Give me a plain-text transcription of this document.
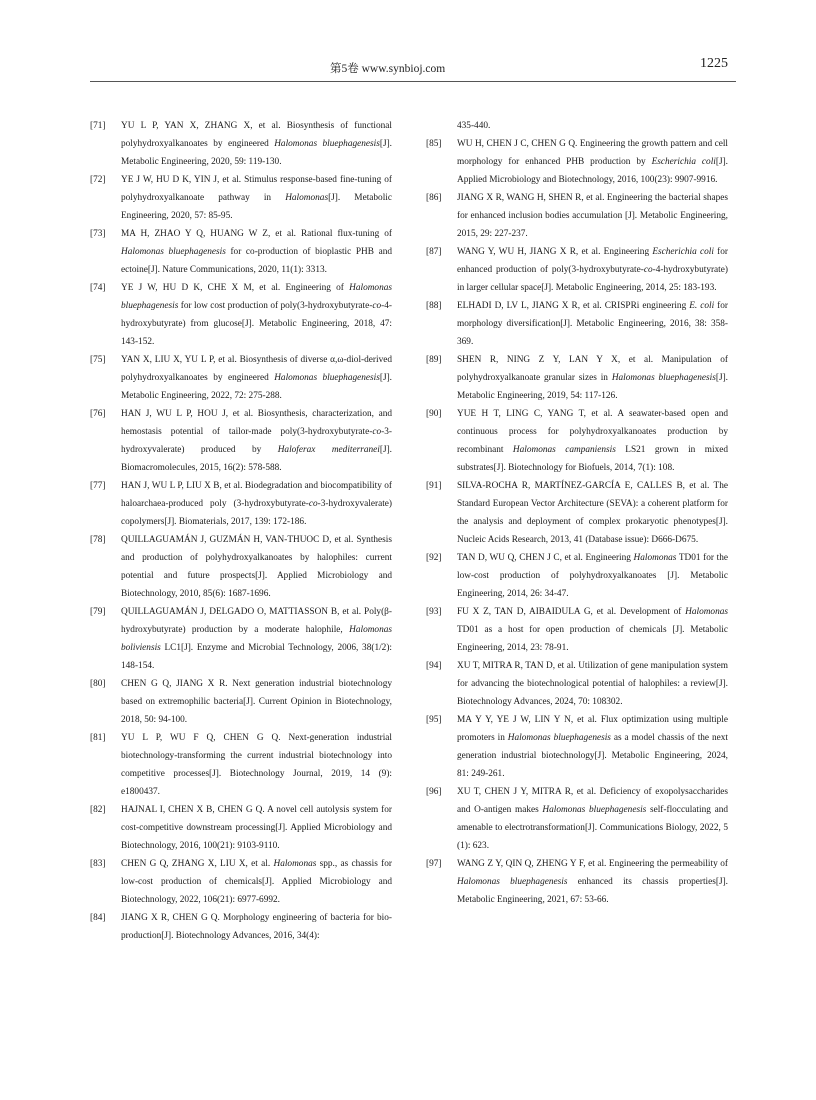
第5卷 www.synbioj.com	1225
[71] YU L P, YAN X, ZHANG X, et al. Biosynthesis of functional polyhydroxyalkanoates by engineered Halomonas bluephagenesis[J]. Metabolic Engineering, 2020, 59: 119-130.
[72] YE J W, HU D K, YIN J, et al. Stimulus response-based fine-tuning of polyhydroxyalkanoate pathway in Halomonas[J]. Metabolic Engineering, 2020, 57: 85-95.
[73] MA H, ZHAO Y Q, HUANG W Z, et al. Rational flux-tuning of Halomonas bluephagenesis for co-production of bioplastic PHB and ectoine[J]. Nature Communications, 2020, 11(1): 3313.
[74] YE J W, HU D K, CHE X M, et al. Engineering of Halomonas bluephagenesis for low cost production of poly(3-hydroxybutyrate-co-4-hydroxybutyrate) from glucose[J]. Metabolic Engineering, 2018, 47: 143-152.
[75] YAN X, LIU X, YU L P, et al. Biosynthesis of diverse α,ω-diol-derived polyhydroxyalkanoates by engineered Halomonas bluephagenesis[J]. Metabolic Engineering, 2022, 72: 275-288.
[76] HAN J, WU L P, HOU J, et al. Biosynthesis, characterization, and hemostasis potential of tailor-made poly(3-hydroxybutyrate-co-3-hydroxyvalerate) produced by Haloferax mediterranei[J]. Biomacromolecules, 2015, 16(2): 578-588.
[77] HAN J, WU L P, LIU X B, et al. Biodegradation and biocompatibility of haloarchaea-produced poly (3-hydroxybutyrate-co-3-hydroxyvalerate) copolymers[J]. Biomaterials, 2017, 139: 172-186.
[78] QUILLAGUAMÁN J, GUZMÁN H, VAN-THUOC D, et al. Synthesis and production of polyhydroxyalkanoates by halophiles: current potential and future prospects[J]. Applied Microbiology and Biotechnology, 2010, 85(6): 1687-1696.
[79] QUILLAGUAMÁN J, DELGADO O, MATTIASSON B, et al. Poly(β-hydroxybutyrate) production by a moderate halophile, Halomonas boliviensis LC1[J]. Enzyme and Microbial Technology, 2006, 38(1/2): 148-154.
[80] CHEN G Q, JIANG X R. Next generation industrial biotechnology based on extremophilic bacteria[J]. Current Opinion in Biotechnology, 2018, 50: 94-100.
[81] YU L P, WU F Q, CHEN G Q. Next-generation industrial biotechnology-transforming the current industrial biotechnology into competitive processes[J]. Biotechnology Journal, 2019, 14 (9): e1800437.
[82] HAJNAL I, CHEN X B, CHEN G Q. A novel cell autolysis system for cost-competitive downstream processing[J]. Applied Microbiology and Biotechnology, 2016, 100(21): 9103-9110.
[83] CHEN G Q, ZHANG X, LIU X, et al. Halomonas spp., as chassis for low-cost production of chemicals[J]. Applied Microbiology and Biotechnology, 2022, 106(21): 6977-6992.
[84] JIANG X R, CHEN G Q. Morphology engineering of bacteria for bio-production[J]. Biotechnology Advances, 2016, 34(4):
435-440.
[85] WU H, CHEN J C, CHEN G Q. Engineering the growth pattern and cell morphology for enhanced PHB production by Escherichia coli[J]. Applied Microbiology and Biotechnology, 2016, 100(23): 9907-9916.
[86] JIANG X R, WANG H, SHEN R, et al. Engineering the bacterial shapes for enhanced inclusion bodies accumulation [J]. Metabolic Engineering, 2015, 29: 227-237.
[87] WANG Y, WU H, JIANG X R, et al. Engineering Escherichia coli for enhanced production of poly(3-hydroxybutyrate-co-4-hydroxybutyrate) in larger cellular space[J]. Metabolic Engineering, 2014, 25: 183-193.
[88] ELHADI D, LV L, JIANG X R, et al. CRISPRi engineering E. coli for morphology diversification[J]. Metabolic Engineering, 2016, 38: 358-369.
[89] SHEN R, NING Z Y, LAN Y X, et al. Manipulation of polyhydroxyalkanoate granular sizes in Halomonas bluephagenesis[J]. Metabolic Engineering, 2019, 54: 117-126.
[90] YUE H T, LING C, YANG T, et al. A seawater-based open and continuous process for polyhydroxyalkanoates production by recombinant Halomonas campaniensis LS21 grown in mixed substrates[J]. Biotechnology for Biofuels, 2014, 7(1): 108.
[91] SILVA-ROCHA R, MARTÍNEZ-GARCÍA E, CALLES B, et al. The Standard European Vector Architecture (SEVA): a coherent platform for the analysis and deployment of complex prokaryotic phenotypes[J]. Nucleic Acids Research, 2013, 41 (Database issue): D666-D675.
[92] TAN D, WU Q, CHEN J C, et al. Engineering Halomonas TD01 for the low-cost production of polyhydroxyalkanoates [J]. Metabolic Engineering, 2014, 26: 34-47.
[93] FU X Z, TAN D, AIBAIDULA G, et al. Development of Halomonas TD01 as a host for open production of chemicals [J]. Metabolic Engineering, 2014, 23: 78-91.
[94] XU T, MITRA R, TAN D, et al. Utilization of gene manipulation system for advancing the biotechnological potential of halophiles: a review[J]. Biotechnology Advances, 2024, 70: 108302.
[95] MA Y Y, YE J W, LIN Y N, et al. Flux optimization using multiple promoters in Halomonas bluephagenesis as a model chassis of the next generation industrial biotechnology[J]. Metabolic Engineering, 2024, 81: 249-261.
[96] XU T, CHEN J Y, MITRA R, et al. Deficiency of exopolysaccharides and O-antigen makes Halomonas bluephagenesis self-flocculating and amenable to electrotransformation[J]. Communications Biology, 2022, 5 (1): 623.
[97] WANG Z Y, QIN Q, ZHENG Y F, et al. Engineering the permeability of Halomonas bluephagenesis enhanced its chassis properties[J]. Metabolic Engineering, 2021, 67: 53-66.
